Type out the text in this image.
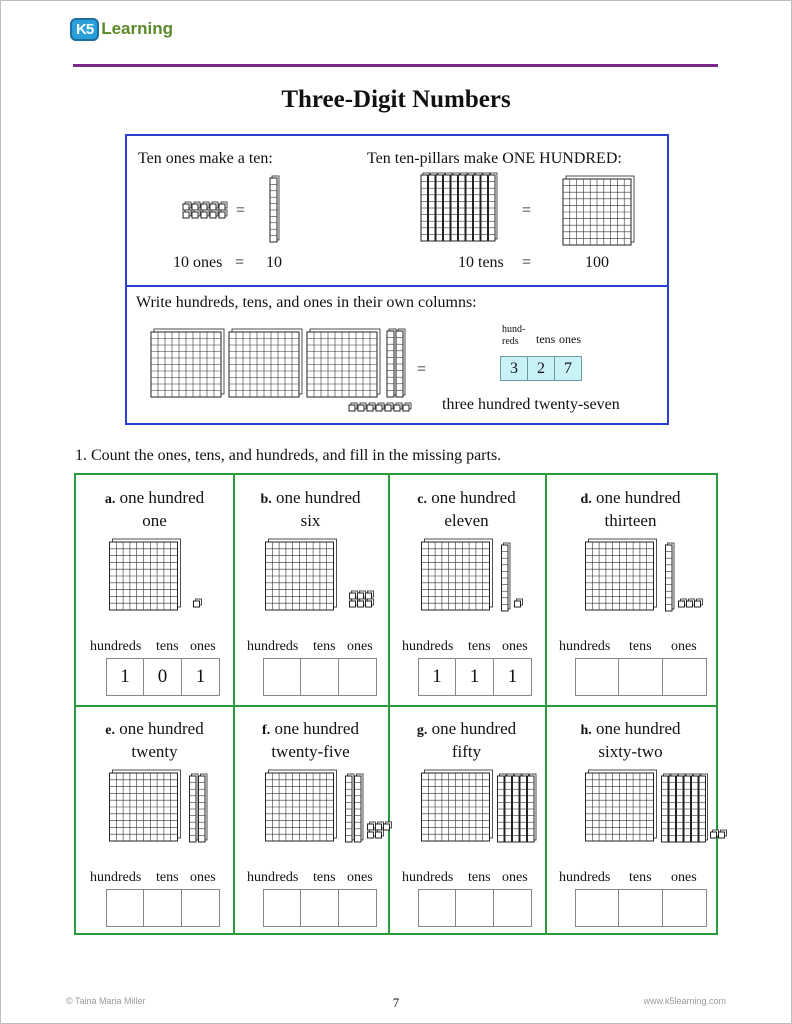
K5 Learning
Three-Digit Numbers
Ten ones make a ten:	Ten ten-pillars make ONE HUNDRED:
=	=
10 ones = 10	10 tens =	100
Write hundreds, tens, and ones in their own columns:
=
hund-
reds	tens ones
3	2	7
three hundred twenty-seven
1. Count the ones, tens, and hundreds, and fill in the missing parts.
a. one hundred
one
hundreds tens ones
1	0	1
b. one hundred
six
hundreds tens ones
c. one hundred
eleven
hundreds tens ones
1	1	1
d. one hundred
thirteen
hundreds tens ones
e. one hundred
twenty
hundreds tens ones
f. one hundred
twenty-five
hundreds tens ones
g. one hundred
fifty
hundreds tens ones
h. one hundred
sixty-two
hundreds tens ones
© Taina Maria Miller	7	www.k5learning.com
